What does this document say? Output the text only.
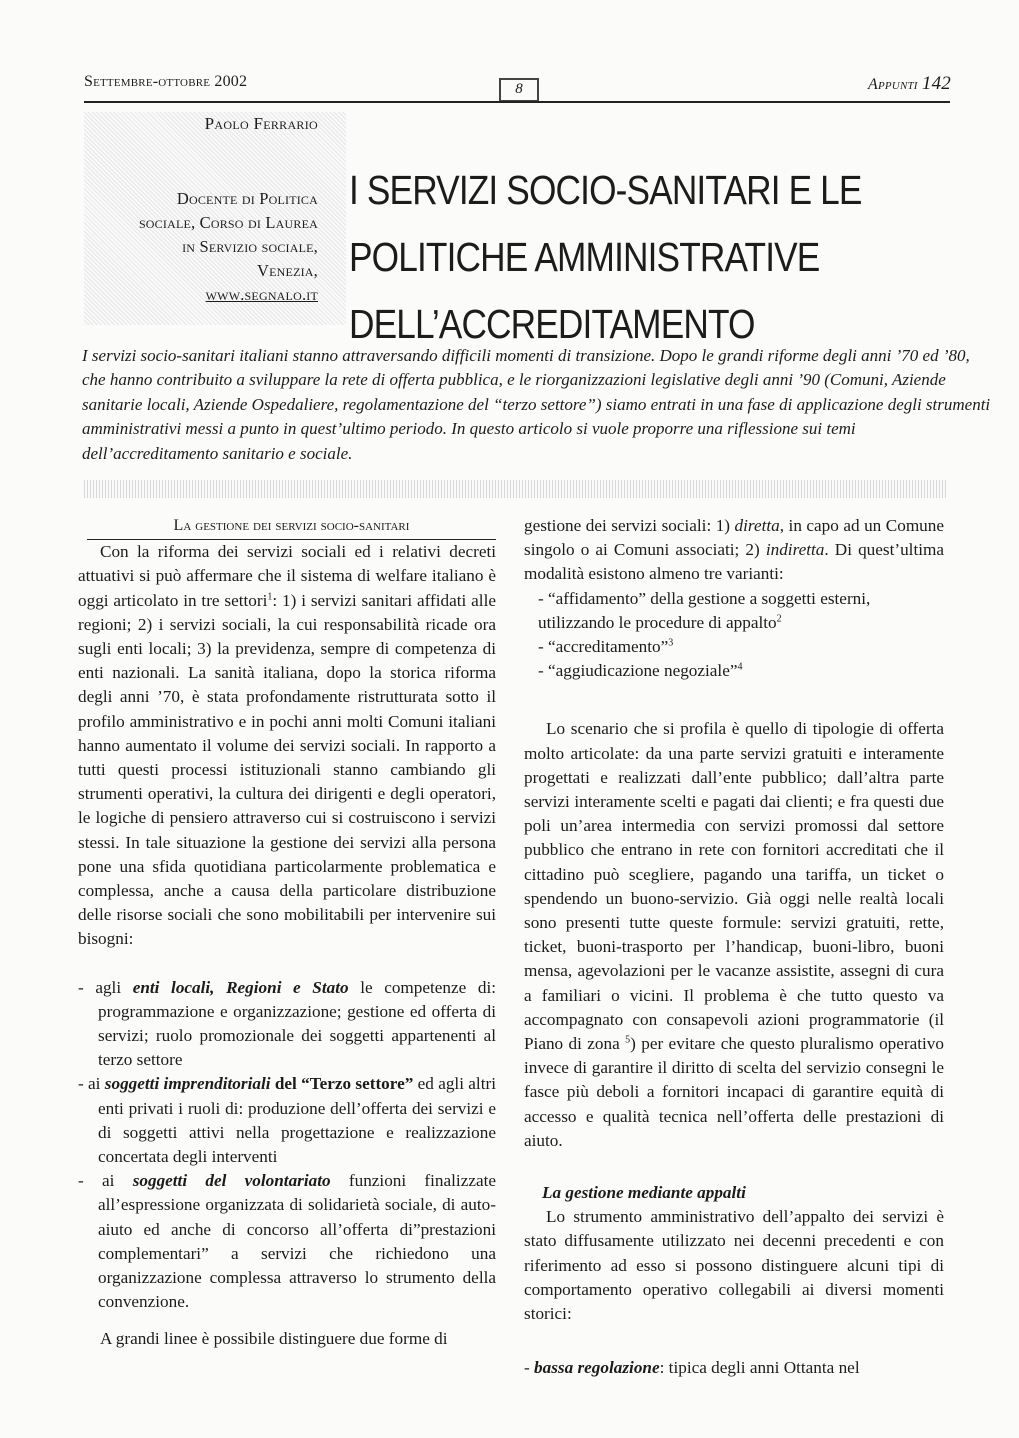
Settembre-ottobre 2002	8	Appunti 142
Paolo Ferrario
Docente di Politica
sociale, Corso di Laurea
in Servizio sociale,
Venezia,
www.segnalo.it
I SERVIZI SOCIO-SANITARI E LE
POLITICHE AMMINISTRATIVE
DELL’ACCREDITAMENTO
I servizi socio-sanitari italiani stanno attraversando difficili momenti di transizione. Dopo le grandi riforme degli anni ’70 ed ’80,
che hanno contribuito a sviluppare la rete di offerta pubblica, e le riorganizzazioni legislative degli anni ’90 (Comuni, Aziende
sanitarie locali, Aziende Ospedaliere, regolamentazione del “terzo settore”) siamo entrati in una fase di applicazione degli strumenti
amministrativi messi a punto in quest’ultimo periodo. In questo articolo si vuole proporre una riflessione sui temi
dell’accreditamento sanitario e sociale.
La gestione dei servizi socio-sanitari

Con la riforma dei servizi sociali ed i relativi decreti attuativi si può affermare che il sistema di welfare italiano è oggi articolato in tre settori$^1$: 1) i servizi sanitari affidati alle regioni; 2) i servizi sociali, la cui responsabilità ricade ora sugli enti locali; 3) la previdenza, sempre di competenza di enti nazionali. La sanità italiana, dopo la storica riforma degli anni ’70, è stata profondamente ristrutturata sotto il profilo amministrativo e in pochi anni molti Comuni italiani hanno aumentato il volume dei servizi sociali. In rapporto a tutti questi processi istituzionali stanno cambiando gli strumenti operativi, la cultura dei dirigenti e degli operatori, le logiche di pensiero attraverso cui si costruiscono i servizi stessi. In tale situazione la gestione dei servizi alla persona pone una sfida quotidiana particolarmente problematica e complessa, anche a causa della particolare distribuzione delle risorse sociali che sono mobilitabili per intervenire sui bisogni:

- agli enti locali, Regioni e Stato le competenze di: programmazione e organizzazione; gestione ed offerta di servizi; ruolo promozionale dei soggetti appartenenti al terzo settore

- ai soggetti imprenditoriali del “Terzo settore” ed agli altri enti privati i ruoli di: produzione dell’offerta dei servizi e di soggetti attivi nella progettazione e realizzazione concertata degli interventi

- ai soggetti del volontariato funzioni finalizzate all’espressione organizzata di solidarietà sociale, di auto-aiuto ed anche di concorso all’offerta di”prestazioni complementari” a servizi che richiedono una organizzazione complessa attraverso lo strumento della convenzione.

A grandi linee è possibile distinguere due forme di

gestione dei servizi sociali: 1) diretta, in capo ad un Comune singolo o ai Comuni associati; 2) indiretta. Di quest’ultima modalità esistono almeno tre varianti:

- “affidamento” della gestione a soggetti esterni, utilizzando le procedure di appalto$^2$

- “accreditamento”$^3$

- “aggiudicazione negoziale”$^4$

Lo scenario che si profila è quello di tipologie di offerta molto articolate: da una parte servizi gratuiti e interamente progettati e realizzati dall’ente pubblico; dall’altra parte servizi interamente scelti e pagati dai clienti; e fra questi due poli un’area intermedia con servizi promossi dal settore pubblico che entrano in rete con fornitori accreditati che il cittadino può scegliere, pagando una tariffa, un ticket o spendendo un buono-servizio. Già oggi nelle realtà locali sono presenti tutte queste formule: servizi gratuiti, rette, ticket, buoni-trasporto per l’handicap, buoni-libro, buoni mensa, agevolazioni per le vacanze assistite, assegni di cura a familiari o vicini. Il problema è che tutto questo va accompagnato con consapevoli azioni programmatorie (il Piano di zona $^5$) per evitare che questo pluralismo operativo invece di garantire il diritto di scelta del servizio consegni le fasce più deboli a fornitori incapaci di garantire equità di accesso e qualità tecnica nell’offerta delle prestazioni di aiuto.

La gestione mediante appalti

Lo strumento amministrativo dell’appalto dei servizi è stato diffusamente utilizzato nei decenni precedenti e con riferimento ad esso si possono distinguere alcuni tipi di comportamento operativo collegabili ai diversi momenti storici:

- bassa regolazione: tipica degli anni Ottanta nel
